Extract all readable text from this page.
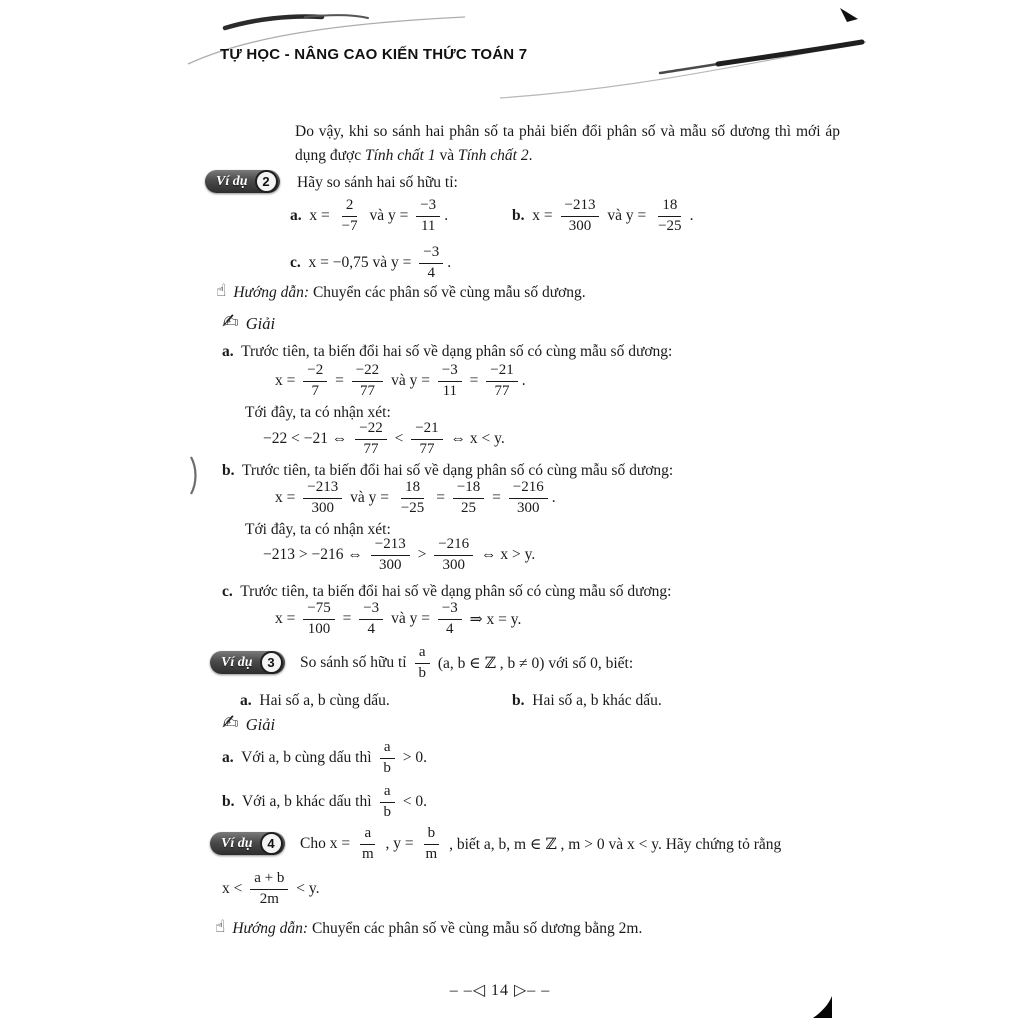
TỰ HỌC - NÂNG CAO KIẾN THỨC TOÁN 7
Do vậy, khi so sánh hai phân số ta phải biến đổi phân số và mẫu số dương thì mới áp dụng được Tính chất 1 và Tính chất 2.
Ví dụ	2	Hãy so sánh hai số hữu tỉ:
a. $x = \frac{2}{-7}$ và $y = \frac{-3}{11}$ .	b. $x = \frac{-213}{300}$ và $y = \frac{18}{-25}$ .
c. x = −0,75 và $y = \frac{-3}{4}$ .
☝ Hướng dẫn: Chuyển các phân số về cùng mẫu số dương.
✍ Giải
a.  Trước tiên, ta biến đổi hai số về dạng phân số có cùng mẫu số dương:
$x = \frac{-2}{7} = \frac{-22}{77}$ và $y = \frac{-3}{11} = \frac{-21}{77}$ .
Tới đây, ta có nhận xét:
−22 < −21 ⇔ $\frac{-22}{77} < \frac{-21}{77}$ ⇔ x < y.
b.  Trước tiên, ta biến đổi hai số về dạng phân số có cùng mẫu số dương:
$x = \frac{-213}{300}$ và $y = \frac{18}{-25} = \frac{-18}{25} = \frac{-216}{300}$ .
Tới đây, ta có nhận xét:
−213 > −216 ⇔ $\frac{-213}{300} > \frac{-216}{300}$ ⇔ x > y.
c.  Trước tiên, ta biến đổi hai số về dạng phân số có cùng mẫu số dương:
$x = \frac{-75}{100} = \frac{-3}{4}$ và $y = \frac{-3}{4}$ ⇒ x = y.
Ví dụ	3	So sánh số hữu tỉ $\frac{a}{b} (a$, b ∈ ℤ , b ≠ 0) với số 0, biết:
a.  Hai số a, b cùng dấu.	b.  Hai số a, b khác dấu.
✍ Giải
a. Với a, b cùng dấu thì $\frac{a}{b} > 0$.
b. Với a, b khác dấu thì $\frac{a}{b} < 0$.
Ví dụ	4	Cho $x = \frac{a}{m}$ , $y = \frac{b}{m}$ , biết a, b, m ∈ ℤ , m > 0 và x < y. Hãy chứng tỏ rằng
$x < \frac{a + b}{2m} < y$.
☝ Hướng dẫn: Chuyển các phân số về cùng mẫu số dương bằng 2m.
– –◁ 14 ▷– –
